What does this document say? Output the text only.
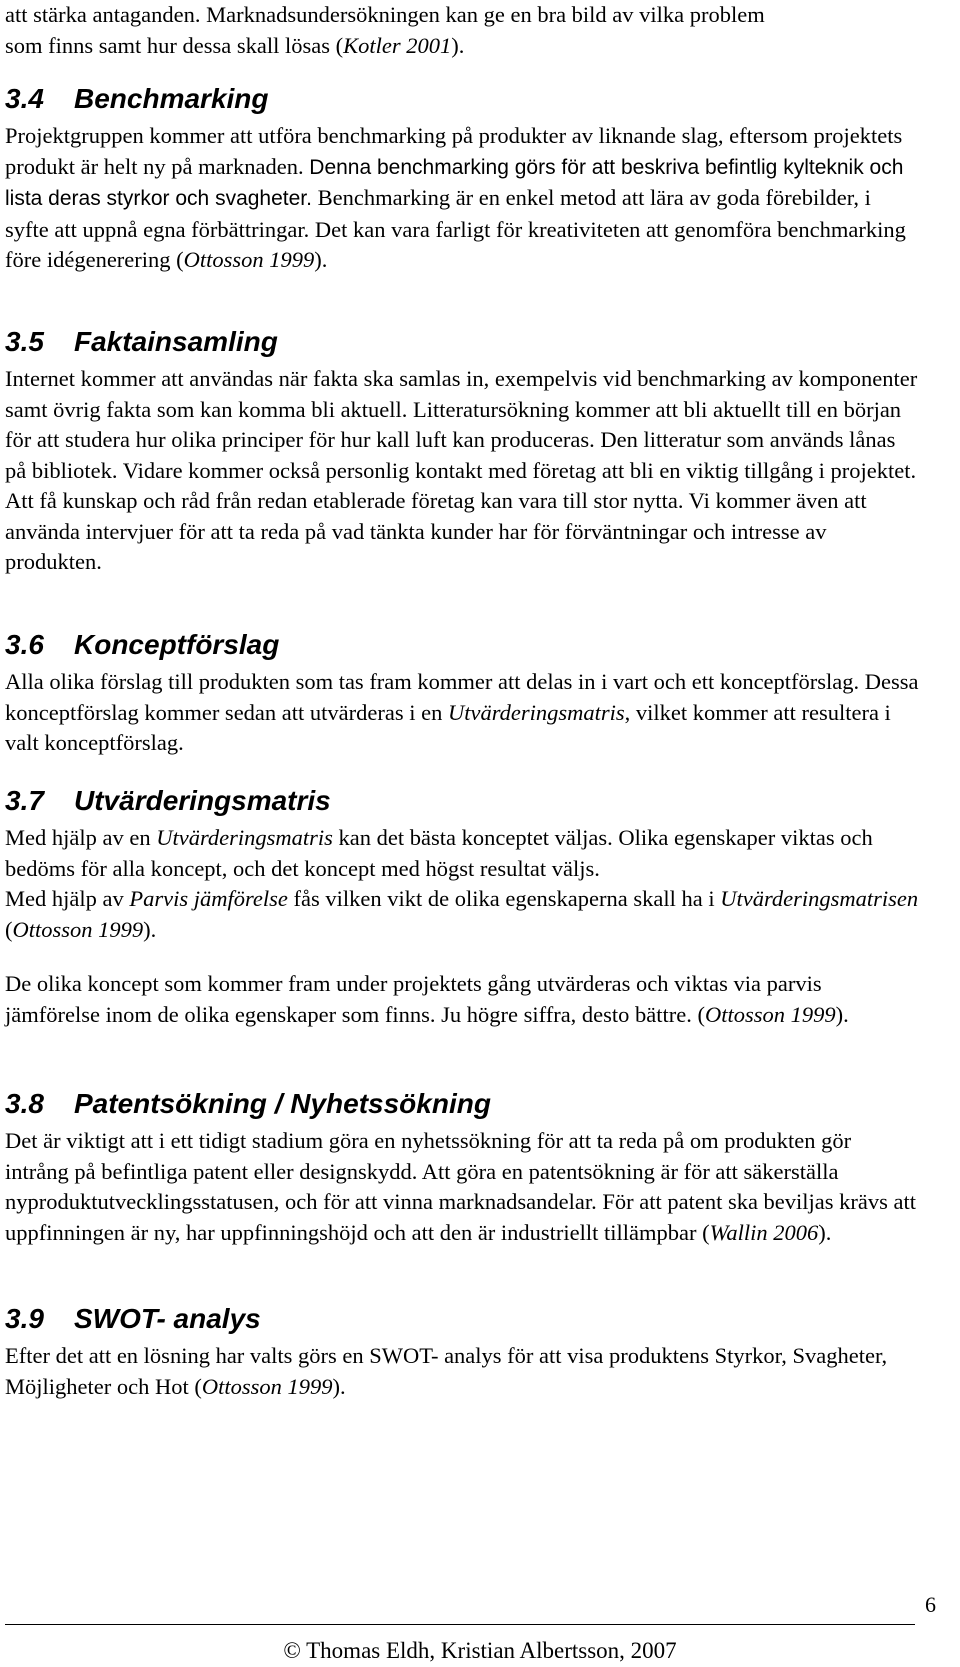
att stärka antaganden. Marknadsundersökningen kan ge en bra bild av vilka problem
som finns samt hur dessa skall lösas (Kotler 2001).

3.4 Benchmarking

Projektgruppen kommer att utföra benchmarking på produkter av liknande slag, eftersom projektets produkt är helt ny på marknaden. Denna benchmarking görs för att beskriva befintlig kylteknik och lista deras styrkor och svagheter. Benchmarking är en enkel metod att lära av goda förebilder, i syfte att uppnå egna förbättringar. Det kan vara farligt för kreativiteten att genomföra benchmarking före idégenerering (Ottosson 1999).

3.5 Faktainsamling

Internet kommer att användas när fakta ska samlas in, exempelvis vid benchmarking av komponenter samt övrig fakta som kan komma bli aktuell. Litteratursökning kommer att bli aktuellt till en början för att studera hur olika principer för hur kall luft kan produceras. Den litteratur som används lånas på bibliotek. Vidare kommer också personlig kontakt med företag att bli en viktig tillgång i projektet. Att få kunskap och råd från redan etablerade företag kan vara till stor nytta. Vi kommer även att använda intervjuer för att ta reda på vad tänkta kunder har för förväntningar och intresse av produkten.

3.6 Konceptförslag

Alla olika förslag till produkten som tas fram kommer att delas in i vart och ett konceptförslag. Dessa konceptförslag kommer sedan att utvärderas i en Utvärderingsmatris, vilket kommer att resultera i valt konceptförslag.

3.7 Utvärderingsmatris

Med hjälp av en Utvärderingsmatris kan det bästa konceptet väljas. Olika egenskaper viktas och bedöms för alla koncept, och det koncept med högst resultat väljs.
Med hjälp av Parvis jämförelse fås vilken vikt de olika egenskaperna skall ha i Utvärderingsmatrisen (Ottosson 1999).

De olika koncept som kommer fram under projektets gång utvärderas och viktas via parvis jämförelse inom de olika egenskaper som finns. Ju högre siffra, desto bättre. (Ottosson 1999).

3.8 Patentsökning / Nyhetssökning

Det är viktigt att i ett tidigt stadium göra en nyhetssökning för att ta reda på om produkten gör intrång på befintliga patent eller designskydd. Att göra en patentsökning är för att säkerställa nyproduktutvecklingsstatusen, och för att vinna marknadsandelar. För att patent ska beviljas krävs att uppfinningen är ny, har uppfinningshöjd och att den är industriellt tillämpbar (Wallin 2006).

3.9 SWOT- analys

Efter det att en lösning har valts görs en SWOT- analys för att visa produktens Styrkor, Svagheter, Möjligheter och Hot (Ottosson 1999).

6
© Thomas Eldh, Kristian Albertsson, 2007
